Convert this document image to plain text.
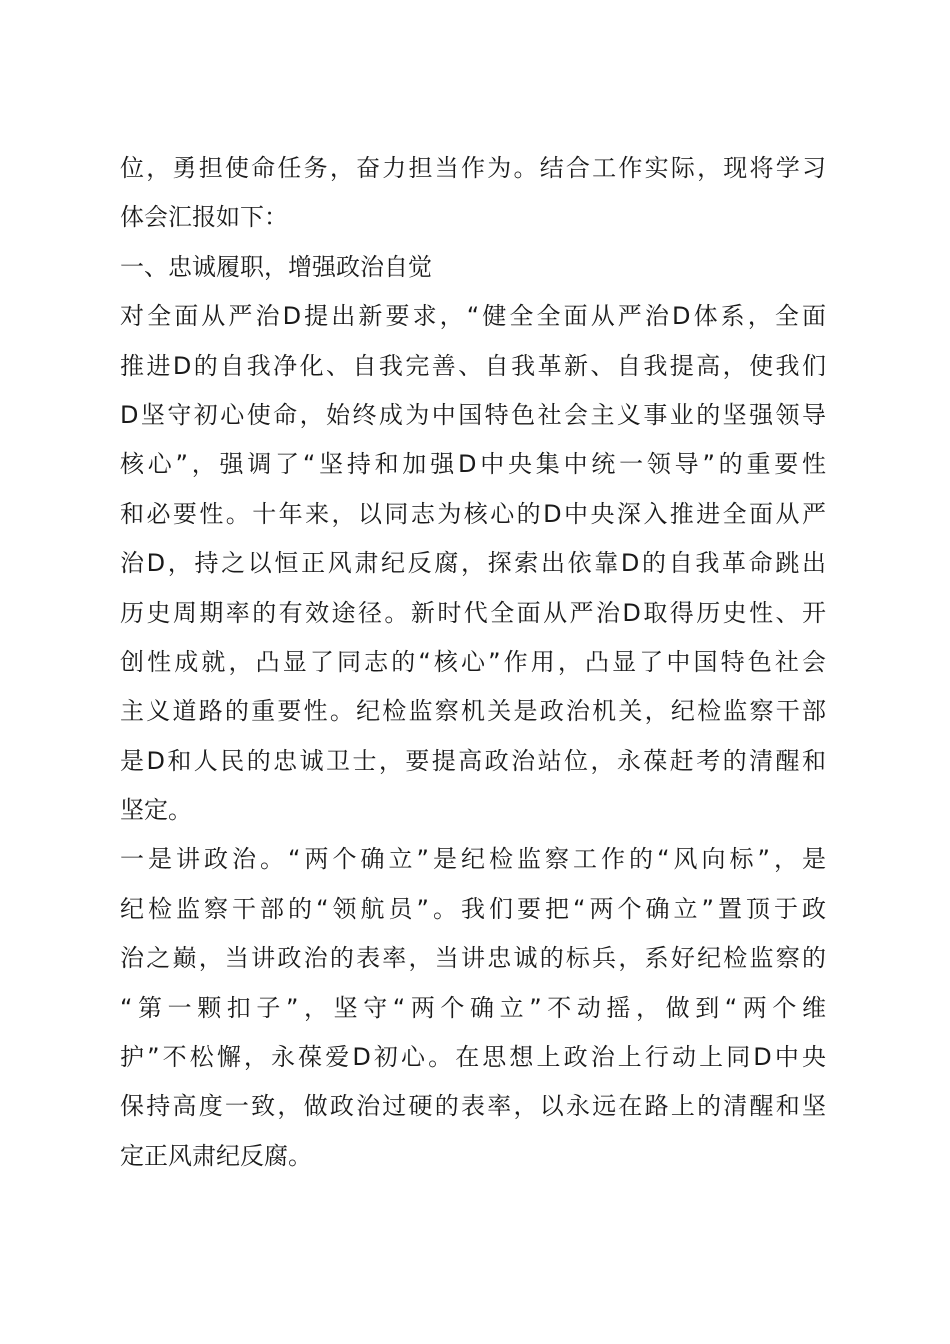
位，勇担使命任务，奋力担当作为。结合工作实际，现将学习
体会汇报如下：
一、忠诚履职，增强政治自觉
对全面从严治D提出新要求，“健全全面从严治D体系，全面
推进D的自我净化、自我完善、自我革新、自我提高，使我们
D坚守初心使命，始终成为中国特色社会主义事业的坚强领导
核心”，强调了“坚持和加强D中央集中统一领导”的重要性
和必要性。十年来，以同志为核心的D中央深入推进全面从严
治D，持之以恒正风肃纪反腐，探索出依靠D的自我革命跳出
历史周期率的有效途径。新时代全面从严治D取得历史性、开
创性成就，凸显了同志的“核心”作用，凸显了中国特色社会
主义道路的重要性。纪检监察机关是政治机关，纪检监察干部
是D和人民的忠诚卫士，要提高政治站位，永葆赶考的清醒和
坚定。
一是讲政治。“两个确立”是纪检监察工作的“风向标”，是
纪检监察干部的“领航员”。我们要把“两个确立”置顶于政
治之巅，当讲政治的表率，当讲忠诚的标兵，系好纪检监察的
“第一颗扣子”，坚守“两个确立”不动摇，做到“两个维
护”不松懈，永葆爱D初心。在思想上政治上行动上同D中央
保持高度一致，做政治过硬的表率，以永远在路上的清醒和坚
定正风肃纪反腐。
